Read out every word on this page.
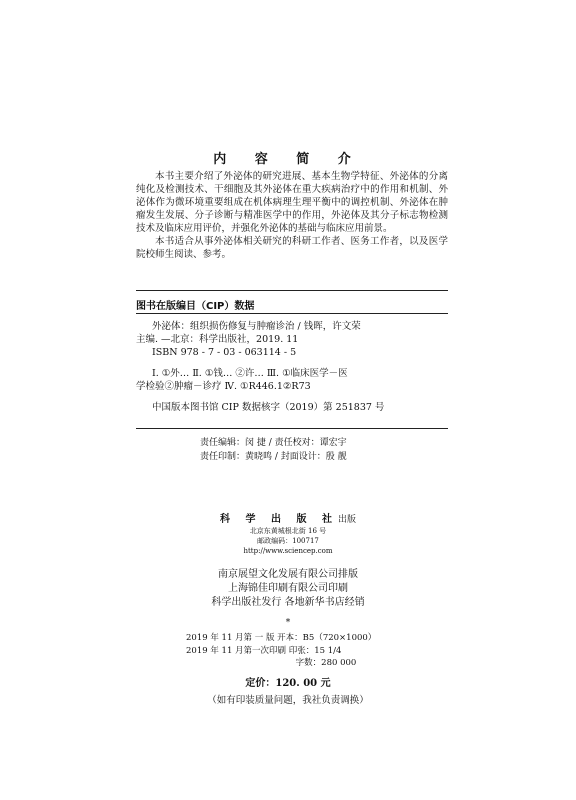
内 容 简 介

本书主要介绍了外泌体的研究进展、基本生物学特征、外泌体的分离纯化及检测技术、干细胞及其外泌体在重大疾病治疗中的作用和机制、外泌体作为微环境重要组成在机体病理生理平衡中的调控机制、外泌体在肿瘤发生发展、分子诊断与精准医学中的作用，外泌体及其分子标志物检测技术及临床应用评价，并强化外泌体的基础与临床应用前景。

本书适合从事外泌体相关研究的科研工作者、医务工作者，以及医学院校师生阅读、参考。

图书在版编目（CIP）数据
外泌体：组织损伤修复与肿瘤诊治 / 钱晖，许文荣
主编. —北京：科学出版社，2019. 11
ISBN 978 - 7 - 03 - 063114 - 5
Ⅰ. ①外… Ⅱ. ①钱… ②许… Ⅲ. ①临床医学－医
学检验②肿瘤－诊疗 Ⅳ. ①R446.1②R73
中国版本图书馆 CIP 数据核字（2019）第 251837 号
责任编辑：闵 捷 / 责任校对：谭宏宇
责任印制：黄晓鸣 / 封面设计：殷 靓
科 学 出 版 社出版
北京东黄城根北街 16 号
邮政编码：100717
http://www.sciencep.com
南京展望文化发展有限公司排版
上海锦佳印刷有限公司印刷
科学出版社发行 各地新华书店经销
*
2019 年 11 月第 一 版 开本：B5（720×1000）
2019 年 11 月第一次印刷 印张：15 1/4
字数：280 000
定价：120. 00 元
（如有印装质量问题，我社负责调换）
